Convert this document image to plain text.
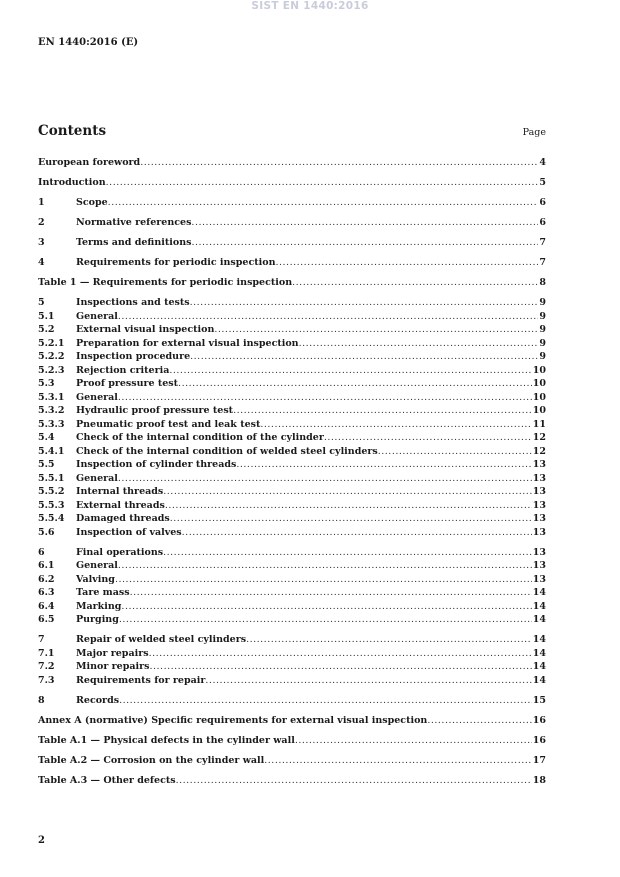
SIST EN 1440:2016
EN 1440:2016 (E)
Contents	Page
European foreword .....	4
Introduction .....	5
1	Scope .....	6
2	Normative references .....	6
3	Terms and definitions .....	7
4	Requirements for periodic inspection .....	7
Table 1 — Requirements for periodic inspection .....	8
5	Inspections and tests .....	9
5.1	General .....	9
5.2	External visual inspection .....	9
5.2.1	Preparation for external visual inspection .....	9
5.2.2	Inspection procedure .....	9
5.2.3	Rejection criteria .....	10
5.3	Proof pressure test .....	10
5.3.1	General .....	10
5.3.2	Hydraulic proof pressure test .....	10
5.3.3	Pneumatic proof test and leak test .....	11
5.4	Check of the internal condition of the cylinder .....	12
5.4.1	Check of the internal condition of welded steel cylinders .....	12
5.5	Inspection of cylinder threads .....	13
5.5.1	General .....	13
5.5.2	Internal threads .....	13
5.5.3	External threads .....	13
5.5.4	Damaged threads .....	13
5.6	Inspection of valves .....	13
6	Final operations .....	13
6.1	General .....	13
6.2	Valving .....	13
6.3	Tare mass .....	14
6.4	Marking .....	14
6.5	Purging .....	14
7	Repair of welded steel cylinders .....	14
7.1	Major repairs .....	14
7.2	Minor repairs .....	14
7.3	Requirements for repair .....	14
8	Records .....	15
Annex A (normative) Specific requirements for external visual inspection .....	16
Table A.1 — Physical defects in the cylinder wall .....	16
Table A.2 — Corrosion on the cylinder wall .....	17
Table A.3 — Other defects .....	18
2
